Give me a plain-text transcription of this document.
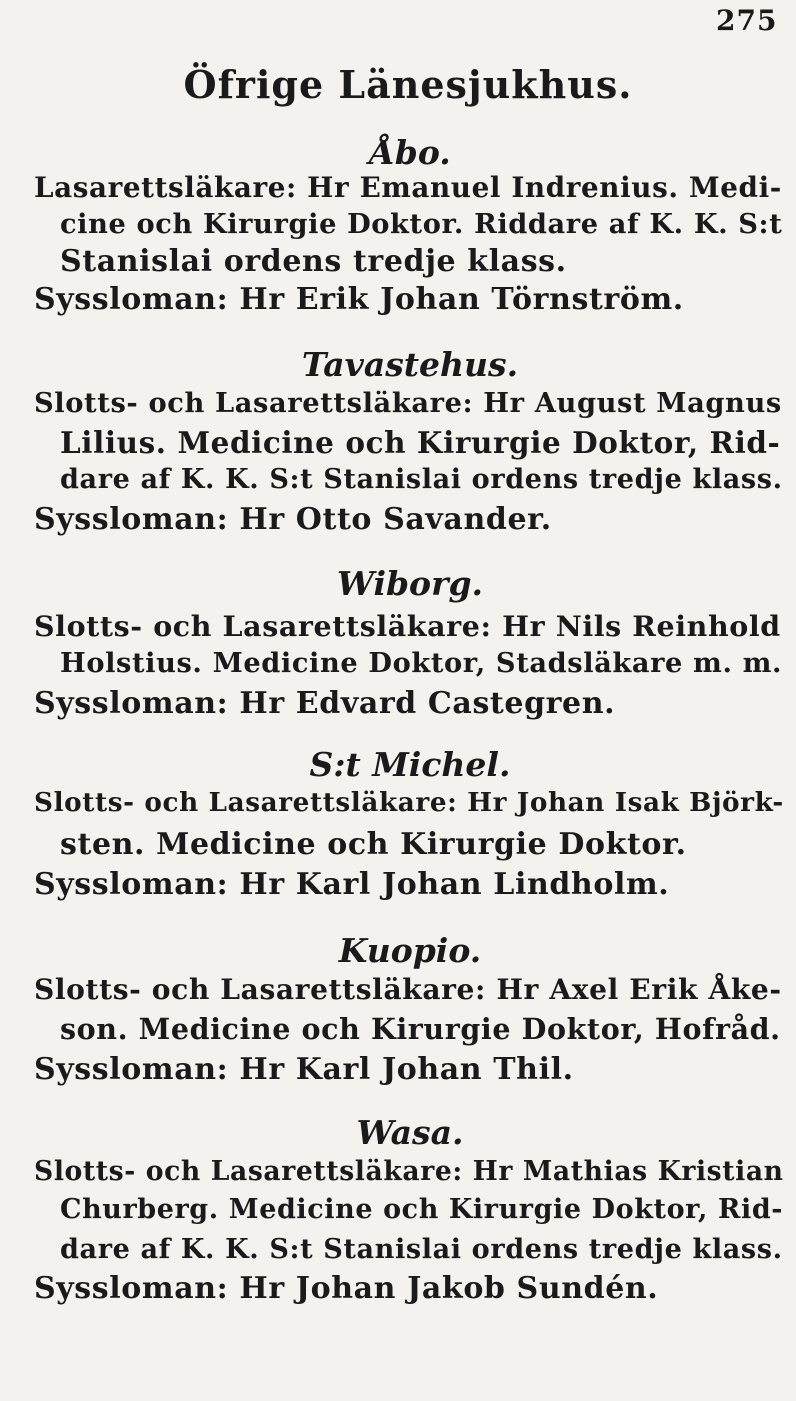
275
Öfrige Länesjukhus.
Åbo.
Lasarettsläkare: Hr Emanuel Indrenius. Medi-
cine och Kirurgie Doktor. Riddare af K. K. S:t
Stanislai ordens tredje klass.
Syssloman: Hr Erik Johan Törnström.
Tavastehus.
Slotts- och Lasarettsläkare: Hr August Magnus
Lilius. Medicine och Kirurgie Doktor, Rid-
dare af K. K. S:t Stanislai ordens tredje klass.
Syssloman: Hr Otto Savander.
Wiborg.
Slotts- och Lasarettsläkare: Hr Nils Reinhold
Holstius. Medicine Doktor, Stadsläkare m. m.
Syssloman: Hr Edvard Castegren.
S:t Michel.
Slotts- och Lasarettsläkare: Hr Johan Isak Björk-
sten. Medicine och Kirurgie Doktor.
Syssloman: Hr Karl Johan Lindholm.
Kuopio.
Slotts- och Lasarettsläkare: Hr Axel Erik Åke-
son. Medicine och Kirurgie Doktor, Hofråd.
Syssloman: Hr Karl Johan Thil.
Wasa.
Slotts- och Lasarettsläkare: Hr Mathias Kristian
Churberg. Medicine och Kirurgie Doktor, Rid-
dare af K. K. S:t Stanislai ordens tredje klass.
Syssloman: Hr Johan Jakob Sundén.
